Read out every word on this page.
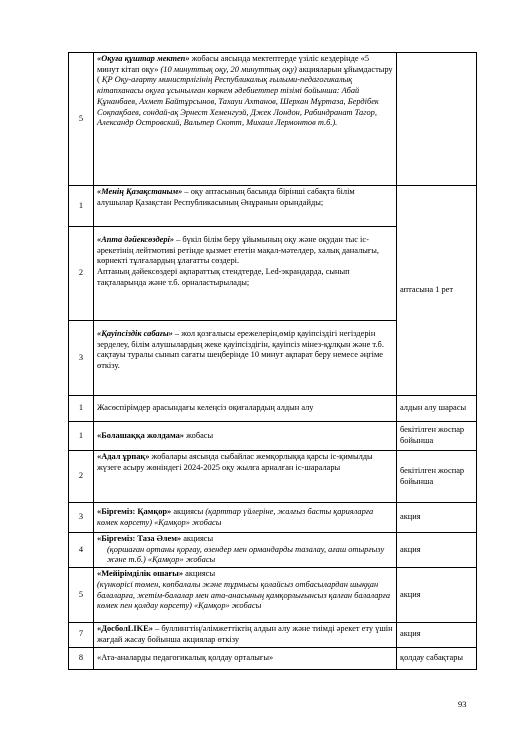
5	«Оқуға құштар мектеп» жобасы аясында мектептерде үзіліс кездерінде «5 минут кітап оқу» (10 минуттық оқу, 20 минуттық оқу) акцияларын ұйымдастыру ( ҚР Оқу-ағарту министрлігінің Республикалық ғылыми-педагогикалық кітапханасы оқуға ұсынылған көркем әдебиеттер тізімі бойынша: Абай Құнанбаев, Ахмет Байтұрсынов, Тахауи Ахтанов, Шерхан Мұртаза, Бердібек Соқпақбаев, сондай-ақ Эрнест Хеменгуэй, Джек Лондон, Рабиндранат Тагор, Александр Островский, Вальтер Скотт, Михаил Лермонтов т.б.).	
1	«Менің Қазақстаным» – оқу аптасының басында бірінші сабақта білім алушылар Қазақстан Республикасының Әнұранын орындайды;	аптасына 1 рет
2	«Апта дәйексөздері» – бүкіл білім беру ұйымының оқу және оқудан тыс іс-әрекетінің лейтмотиві ретінде қызмет ететін мақал-мәтелдер, халық даналығы, көрнекті тұлғалардың ұлағатты сөздері.
Аптаның дәйексөздері ақпараттық стендтерде, Led-экрандарда, сынып тақталарында және т.б. орналастырылады;	
3	«Қауіпсіздік сабағы» – жол қозғалысы ережелерін,өмір қауіпсіздігі негіздерін зерделеу, білім алушылардың жеке қауіпсіздігін, қауіпсіз мінез-құлқын және т.б. сақтауы туралы сынып сағаты шеңберінде 10 минут ақпарат беру немесе әңгіме өткізу.	
1	Жасөспірімдер арасындағы келеңсіз оқиғалардың алдын алу	алдын алу шарасы
1	«Болашаққа жолдама» жобасы	бекітілген жоспар бойынша
2	«Адал ұрпақ» жобалары аясында сыбайлас жемқорлыққа қарсы іс-қимылды жүзеге асыру жөніндегі 2024-2025 оқу жылға арналған іс-шаралары	бекітілген жоспар бойынша
3	«Біргеміз: Қамқор» акциясы (қарттар үйлеріне, жалғыз басты қарияларға көмек көрсету) «Қамқор» жобасы	акция
4	«Біргеміз: Таза Әлем» акциясы
(қоршаған ортаны қорғау, өзендер мен ормандарды тазалау, ағаш отырғызу және т.б.) «Қамқор» жобасы	акция
5	«Мейірімділік ошағы» акциясы
(күнкөрісі төмен, көпбалалы және тұрмысы қолайсыз отбасылардан шыққан балаларға, жетім-балалар мен ата-анасының қамқорлығынсыз қалған балаларға көмек пен қолдау көрсету) «Қамқор» жобасы	акция
7	«ДосболLIKE» – буллингтің/әлімжеттіктің алдын алу және тиімді әрекет ету үшін жағдай жасау бойынша акциялар өткізу	акция
8	«Ата-аналарды педагогикалық қолдау орталығы»	қолдау сабақтары
93
